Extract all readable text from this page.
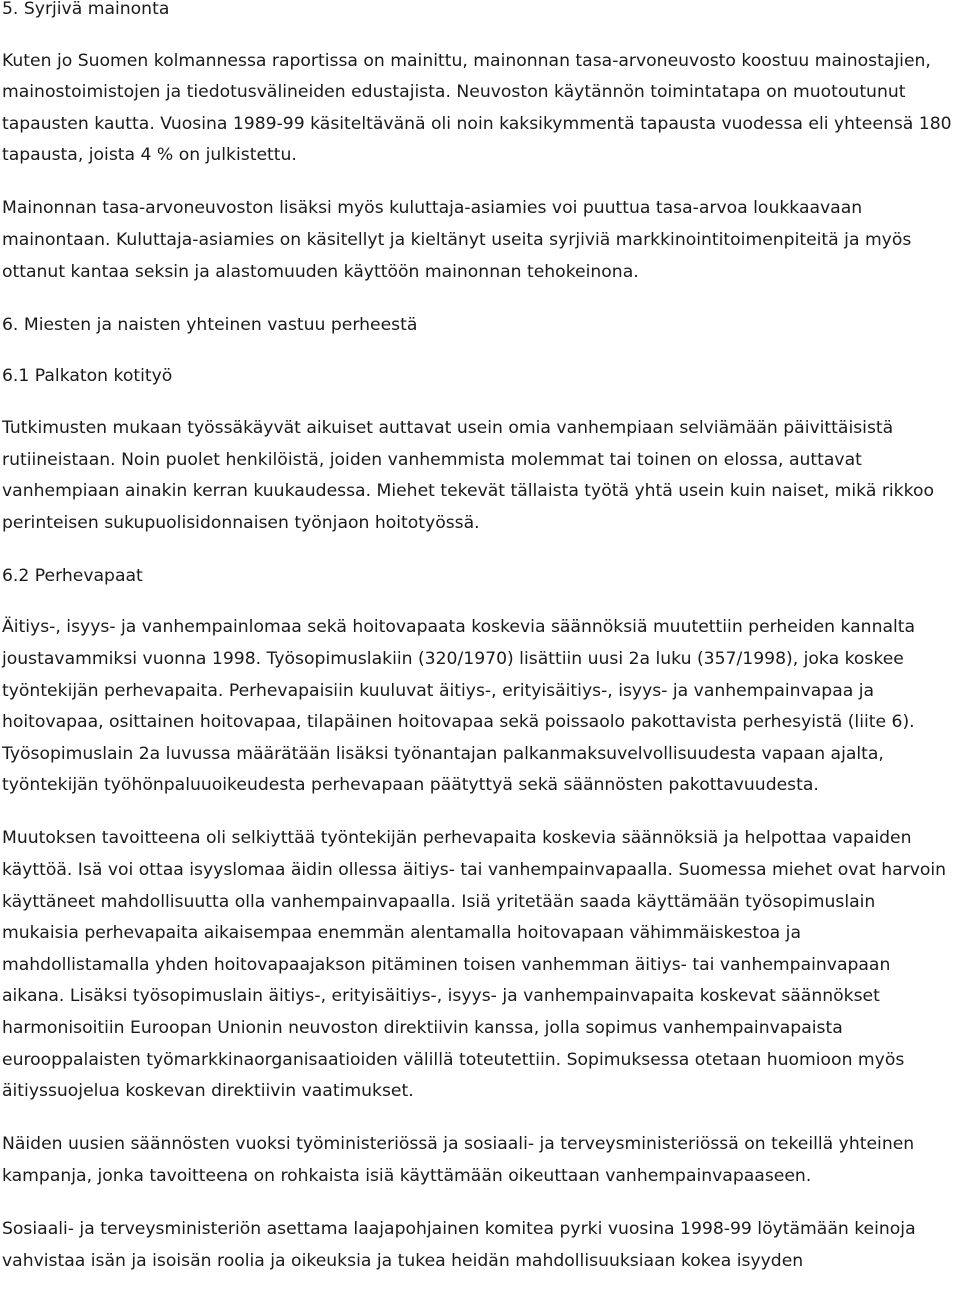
5. Syrjivä mainonta

Kuten jo Suomen kolmannessa raportissa on mainittu, mainonnan tasa-arvoneuvosto koostuu mainostajien, mainostoimistojen ja tiedotusvälineiden edustajista. Neuvoston käytännön toimintatapa on muotoutunut tapausten kautta. Vuosina 1989-99 käsiteltävänä oli noin kaksikymmentä tapausta vuodessa eli yhteensä 180 tapausta, joista 4 % on julkistettu.

Mainonnan tasa-arvoneuvoston lisäksi myös kuluttaja-asiamies voi puuttua tasa-arvoa loukkaavaan mainontaan. Kuluttaja-asiamies on käsitellyt ja kieltänyt useita syrjiviä markkinointitoimenpiteitä ja myös ottanut kantaa seksin ja alastomuuden käyttöön mainonnan tehokeinona.

6. Miesten ja naisten yhteinen vastuu perheestä
6.1 Palkaton kotityö

Tutkimusten mukaan työssäkäyvät aikuiset auttavat usein omia vanhempiaan selviämään päivittäisistä rutiineistaan. Noin puolet henkilöistä, joiden vanhemmista molemmat tai toinen on elossa, auttavat vanhempiaan ainakin kerran kuukaudessa. Miehet tekevät tällaista työtä yhtä usein kuin naiset, mikä rikkoo perinteisen sukupuolisidonnaisen työnjaon hoitotyössä.

6.2 Perhevapaat

Äitiys-, isyys- ja vanhempainlomaa sekä hoitovapaata koskevia säännöksiä muutettiin perheiden kannalta joustavammiksi vuonna 1998. Työsopimuslakiin (320/1970) lisättiin uusi 2a luku (357/1998), joka koskee työntekijän perhevapaita. Perhevapaisiin kuuluvat äitiys-, erityisäitiys-, isyys- ja vanhempainvapaa ja hoitovapaa, osittainen hoitovapaa, tilapäinen hoitovapaa sekä poissaolo pakottavista perhesyistä (liite 6). Työsopimuslain 2a luvussa määrätään lisäksi työnantajan palkanmaksuvelvollisuudesta vapaan ajalta, työntekijän työhönpaluuoikeudesta perhevapaan päätyttyä sekä säännösten pakottavuudesta.

Muutoksen tavoitteena oli selkiyttää työntekijän perhevapaita koskevia säännöksiä ja helpottaa vapaiden käyttöä. Isä voi ottaa isyyslomaa äidin ollessa äitiys- tai vanhempainvapaalla. Suomessa miehet ovat harvoin käyttäneet mahdollisuutta olla vanhempainvapaalla. Isiä yritetään saada käyttämään työsopimuslain mukaisia perhevapaita aikaisempaa enemmän alentamalla hoitovapaan vähimmäiskestoa ja mahdollistamalla yhden hoitovapaajakson pitäminen toisen vanhemman äitiys- tai vanhempainvapaan aikana. Lisäksi työsopimuslain äitiys-, erityisäitiys-, isyys- ja vanhempainvapaita koskevat säännökset harmonisoitiin Euroopan Unionin neuvoston direktiivin kanssa, jolla sopimus vanhempainvapaista eurooppalaisten työmarkkinaorganisaatioiden välillä toteutettiin. Sopimuksessa otetaan huomioon myös äitiyssuojelua koskevan direktiivin vaatimukset.

Näiden uusien säännösten vuoksi työministeriössä ja sosiaali- ja terveysministeriössä on tekeillä yhteinen kampanja, jonka tavoitteena on rohkaista isiä käyttämään oikeuttaan vanhempainvapaaseen.

Sosiaali- ja terveysministeriön asettama laajapohjainen komitea pyrki vuosina 1998-99 löytämään keinoja vahvistaa isän ja isoisän roolia ja oikeuksia ja tukea heidän mahdollisuuksiaan kokea isyyden
